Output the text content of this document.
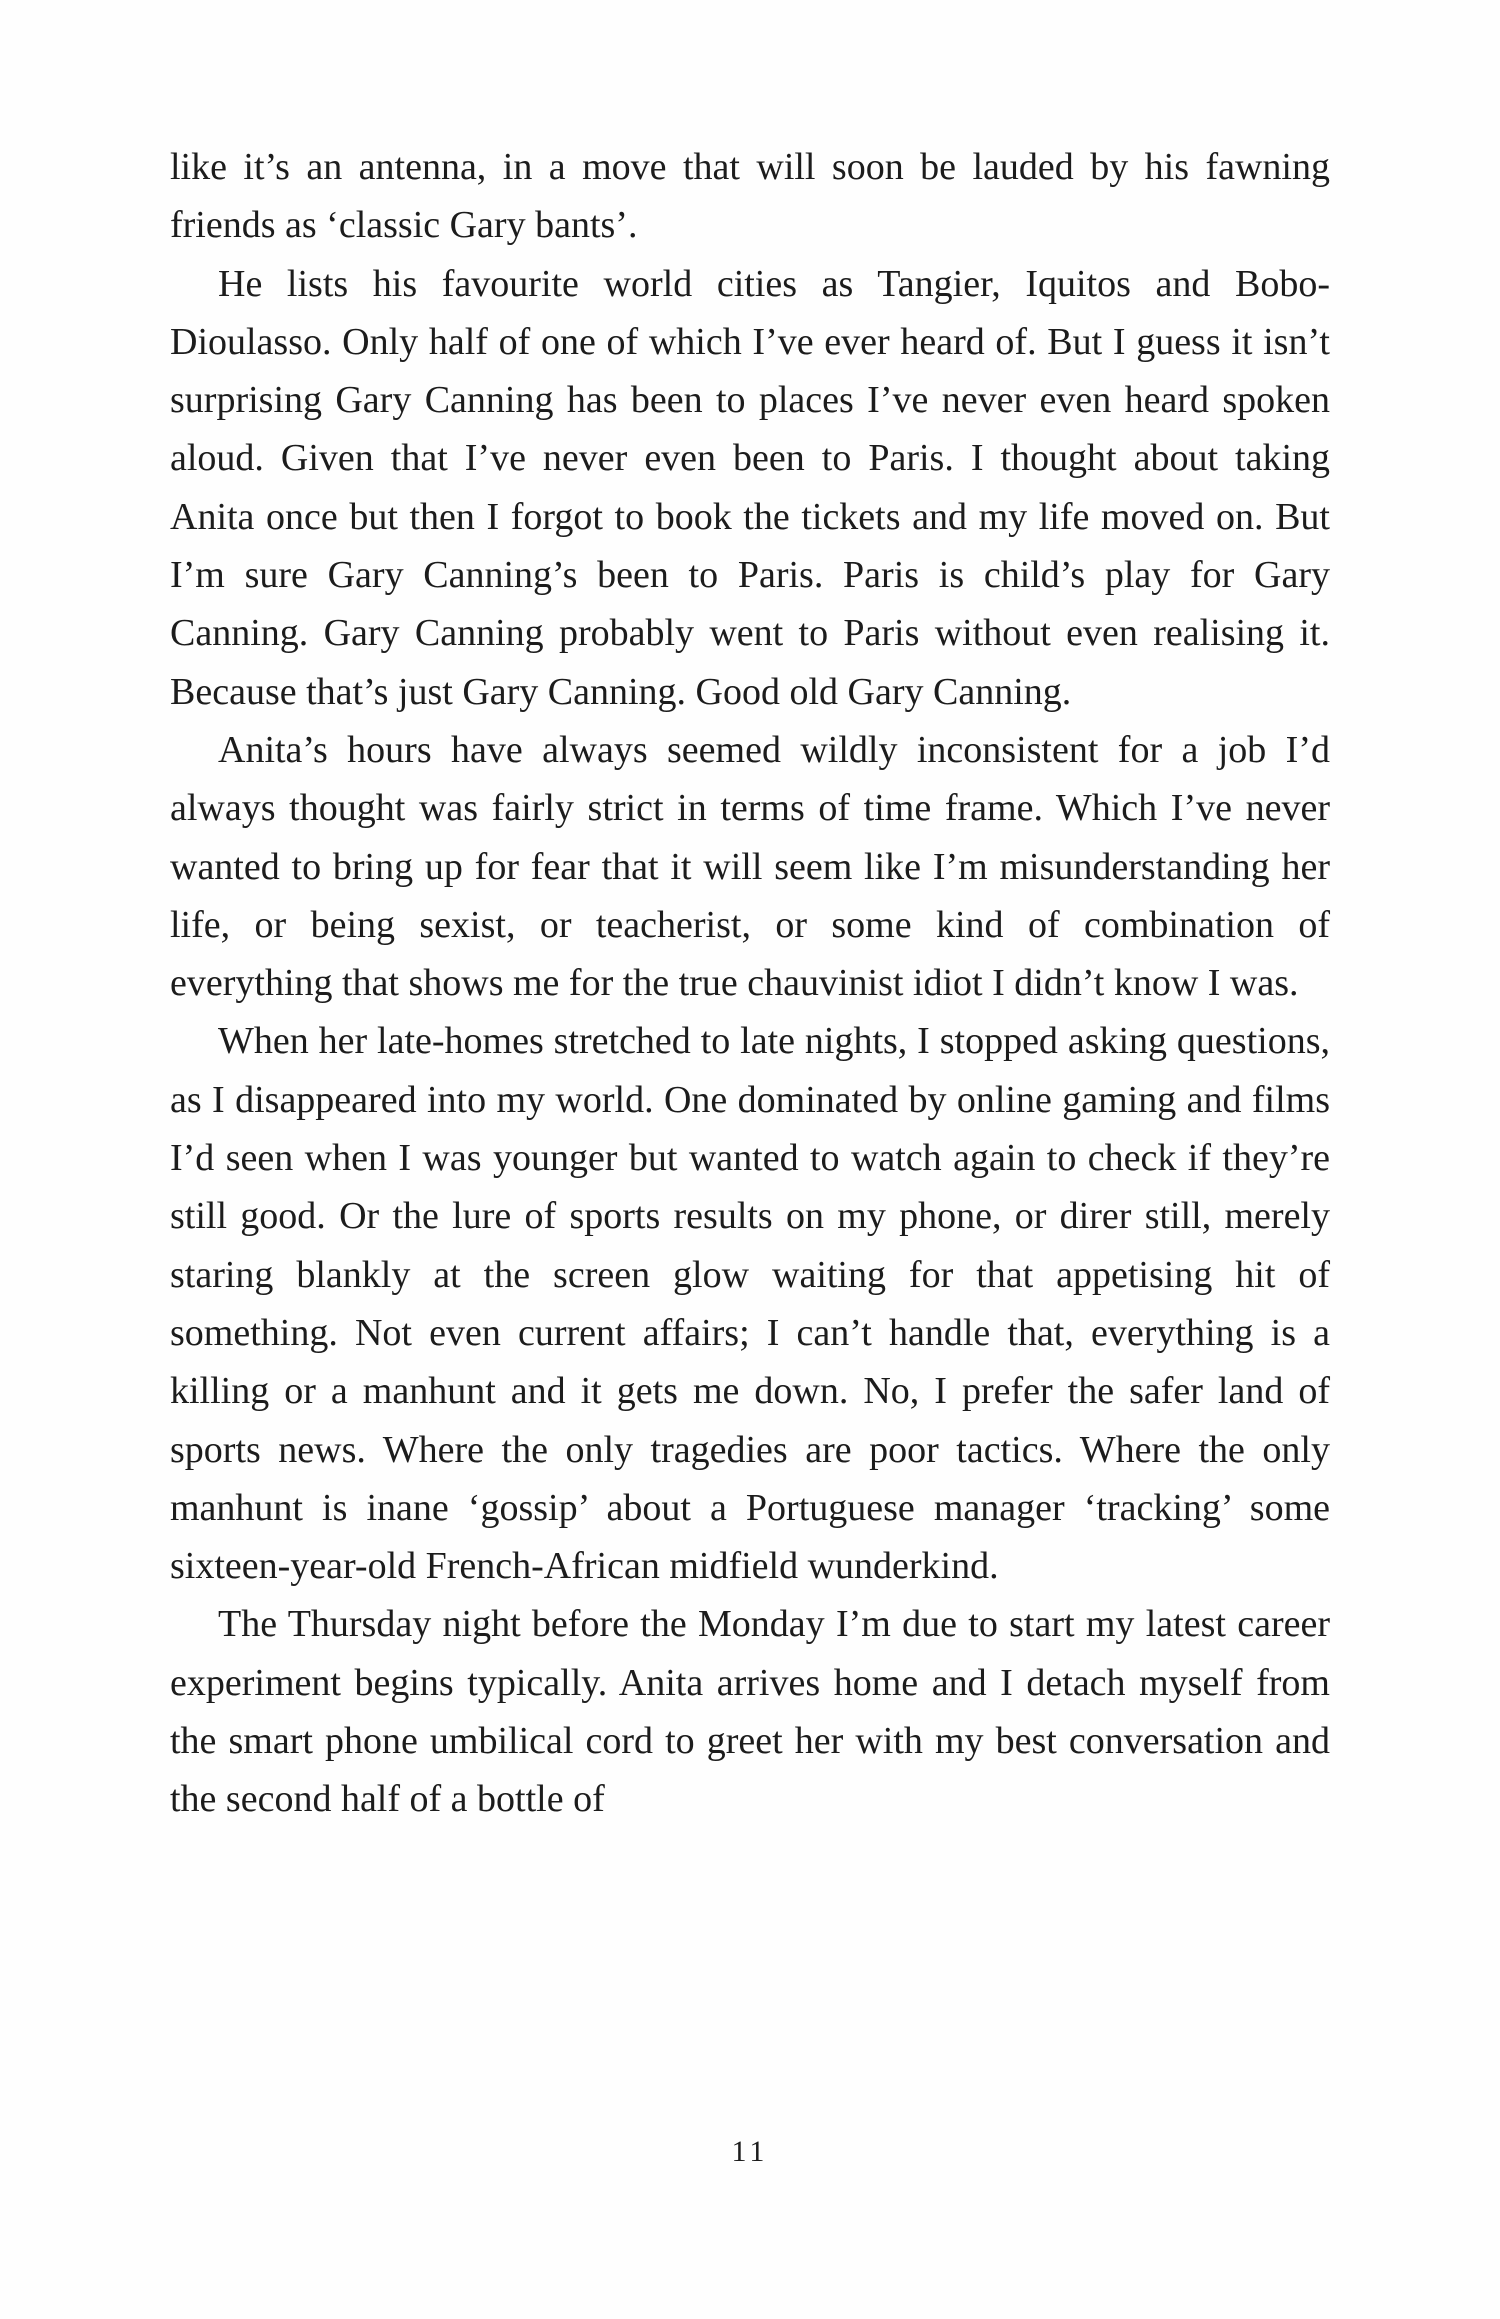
like it’s an antenna, in a move that will soon be lauded by his fawning friends as ‘classic Gary bants’.

He lists his favourite world cities as Tangier, Iquitos and Bobo-Dioulasso. Only half of one of which I’ve ever heard of. But I guess it isn’t surprising Gary Canning has been to places I’ve never even heard spoken aloud. Given that I’ve never even been to Paris. I thought about taking Anita once but then I forgot to book the tickets and my life moved on. But I’m sure Gary Canning’s been to Paris. Paris is child’s play for Gary Canning. Gary Canning probably went to Paris without even realising it. Because that’s just Gary Canning. Good old Gary Canning.

Anita’s hours have always seemed wildly inconsistent for a job I’d always thought was fairly strict in terms of time frame. Which I’ve never wanted to bring up for fear that it will seem like I’m misunderstanding her life, or being sexist, or teacherist, or some kind of combination of everything that shows me for the true chauvinist idiot I didn’t know I was.

When her late-homes stretched to late nights, I stopped asking questions, as I disappeared into my world. One dominated by online gaming and films I’d seen when I was younger but wanted to watch again to check if they’re still good. Or the lure of sports results on my phone, or direr still, merely staring blankly at the screen glow waiting for that appetising hit of something. Not even current affairs; I can’t handle that, everything is a killing or a manhunt and it gets me down. No, I prefer the safer land of sports news. Where the only tragedies are poor tactics. Where the only manhunt is inane ‘gossip’ about a Portuguese manager ‘tracking’ some sixteen-year-old French-African midfield wunderkind.

The Thursday night before the Monday I’m due to start my latest career experiment begins typically. Anita arrives home and I detach myself from the smart phone umbilical cord to greet her with my best conversation and the second half of a bottle of

11
